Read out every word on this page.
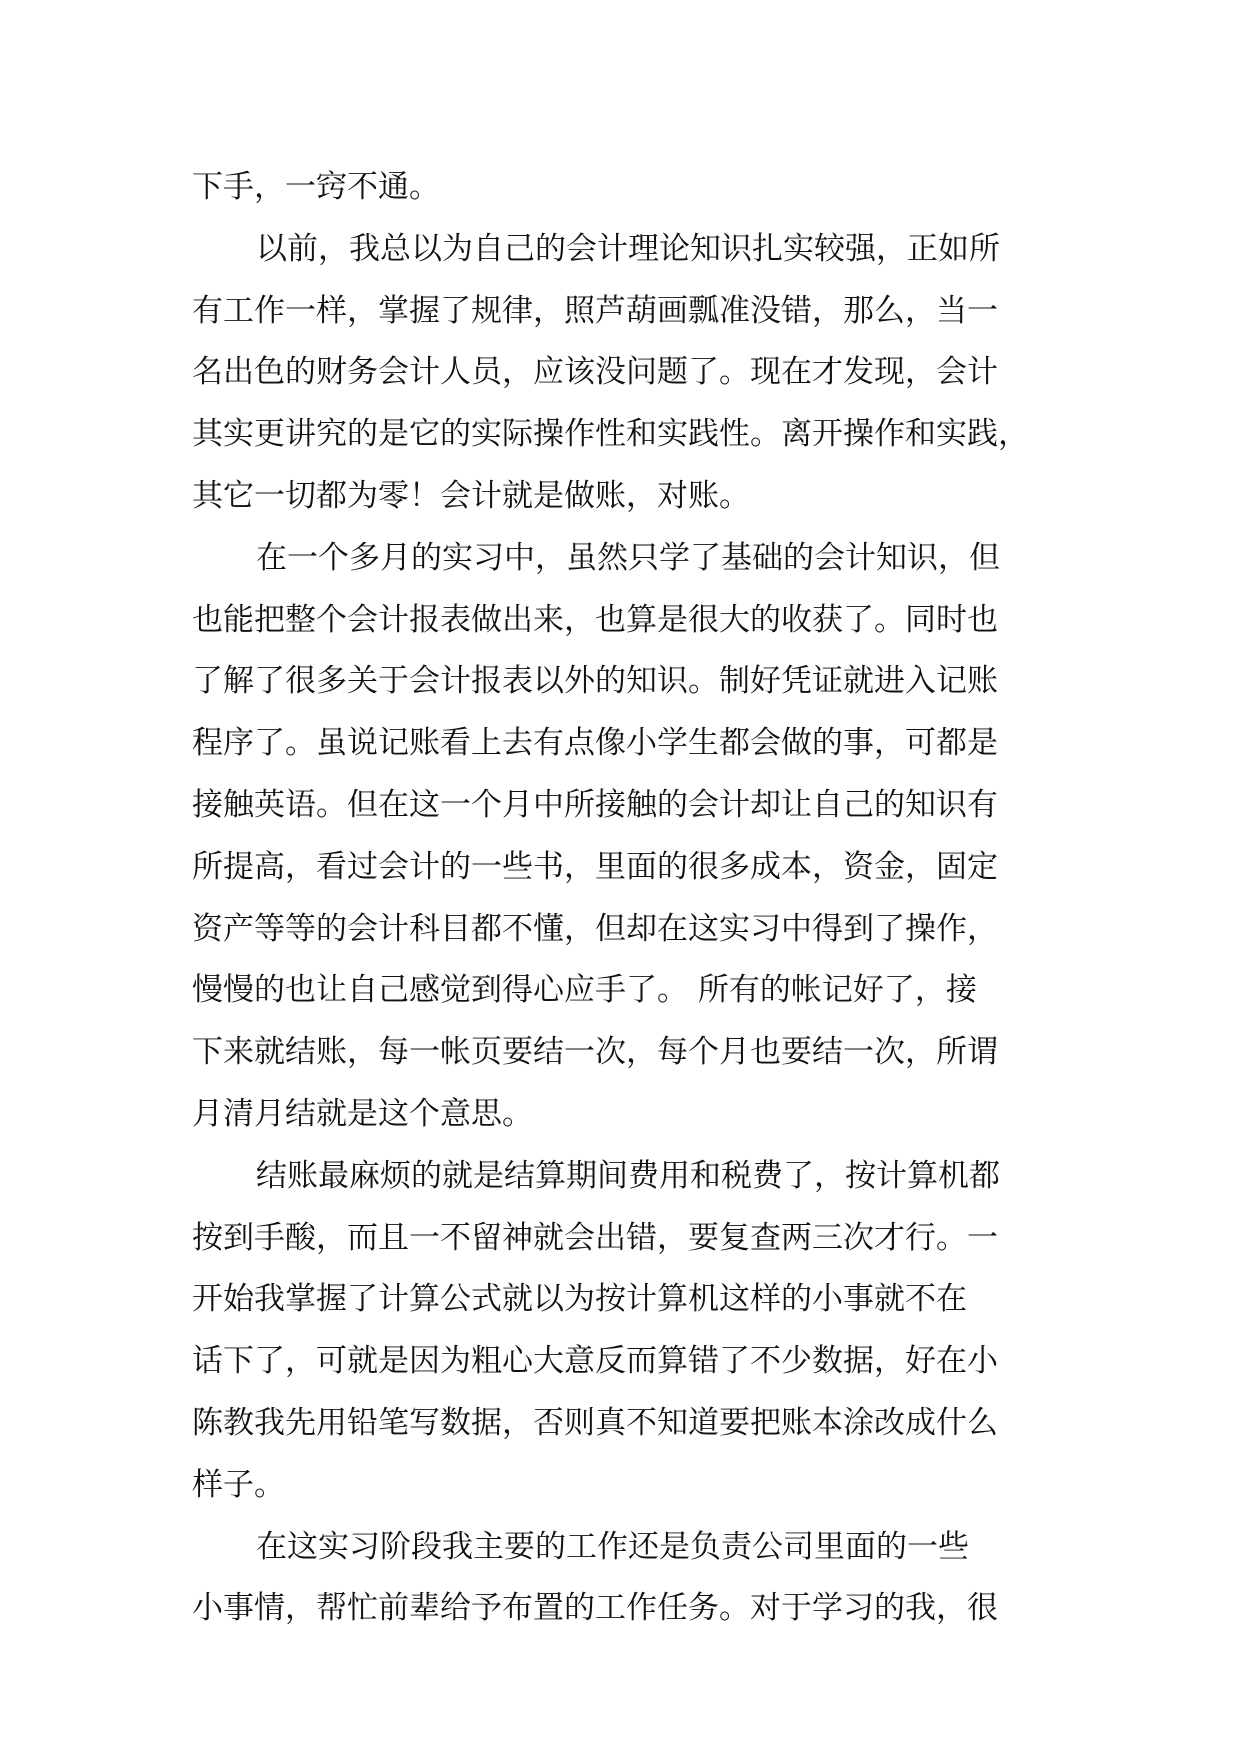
下手，一窍不通。
以前，我总以为自己的会计理论知识扎实较强，正如所
有工作一样，掌握了规律，照芦葫画瓢准没错，那么，当一
名出色的财务会计人员，应该没问题了。现在才发现，会计
其实更讲究的是它的实际操作性和实践性。离开操作和实践，
其它一切都为零！会计就是做账，对账。
在一个多月的实习中，虽然只学了基础的会计知识，但
也能把整个会计报表做出来，也算是很大的收获了。同时也
了解了很多关于会计报表以外的知识。制好凭证就进入记账
程序了。虽说记账看上去有点像小学生都会做的事，可都是
接触英语。但在这一个月中所接触的会计却让自己的知识有
所提高，看过会计的一些书，里面的很多成本，资金，固定
资产等等的会计科目都不懂，但却在这实习中得到了操作，
慢慢的也让自己感觉到得心应手了。 所有的帐记好了，接
下来就结账，每一帐页要结一次，每个月也要结一次，所谓
月清月结就是这个意思。
结账最麻烦的就是结算期间费用和税费了，按计算机都
按到手酸，而且一不留神就会出错，要复查两三次才行。一
开始我掌握了计算公式就以为按计算机这样的小事就不在
话下了，可就是因为粗心大意反而算错了不少数据，好在小
陈教我先用铅笔写数据，否则真不知道要把账本涂改成什么
样子。
在这实习阶段我主要的工作还是负责公司里面的一些
小事情，帮忙前辈给予布置的工作任务。对于学习的我，很
